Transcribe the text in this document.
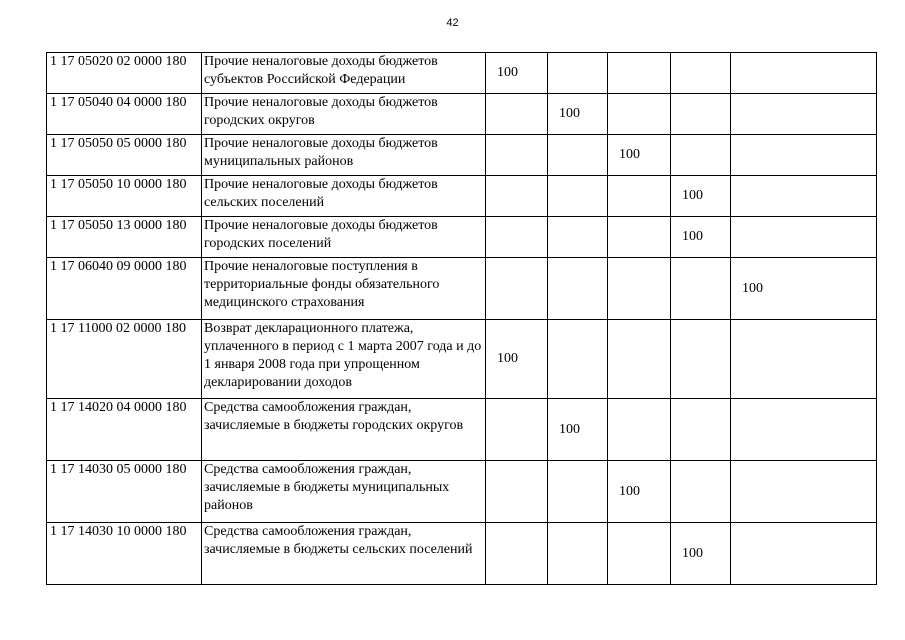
42
1 17 05020 02 0000 180	Прочие неналоговые доходы бюджетов субъектов Российской Федерации	100				
1 17 05040 04 0000 180	Прочие неналоговые доходы бюджетов городских округов		100			
1 17 05050 05 0000 180	Прочие неналоговые доходы бюджетов муниципальных районов			100		
1 17 05050 10 0000 180	Прочие неналоговые доходы бюджетов сельских поселений				100	
1 17 05050 13 0000 180	Прочие неналоговые доходы бюджетов городских поселений				100	
1 17 06040 09 0000 180	Прочие неналоговые поступления в территориальные фонды обязательного медицинского страхования					100
1 17 11000 02 0000 180	Возврат декларационного платежа, уплаченного в период с 1 марта 2007 года и до 1 января 2008 года при упрощенном декларировании доходов	100				
1 17 14020 04 0000 180	Средства самообложения граждан, зачисляемые в бюджеты городских округов		100			
1 17 14030 05 0000 180	Средства самообложения граждан, зачисляемые в бюджеты муниципальных районов			100		
1 17 14030 10 0000 180	Средства самообложения граждан, зачисляемые в бюджеты сельских поселений				100	
